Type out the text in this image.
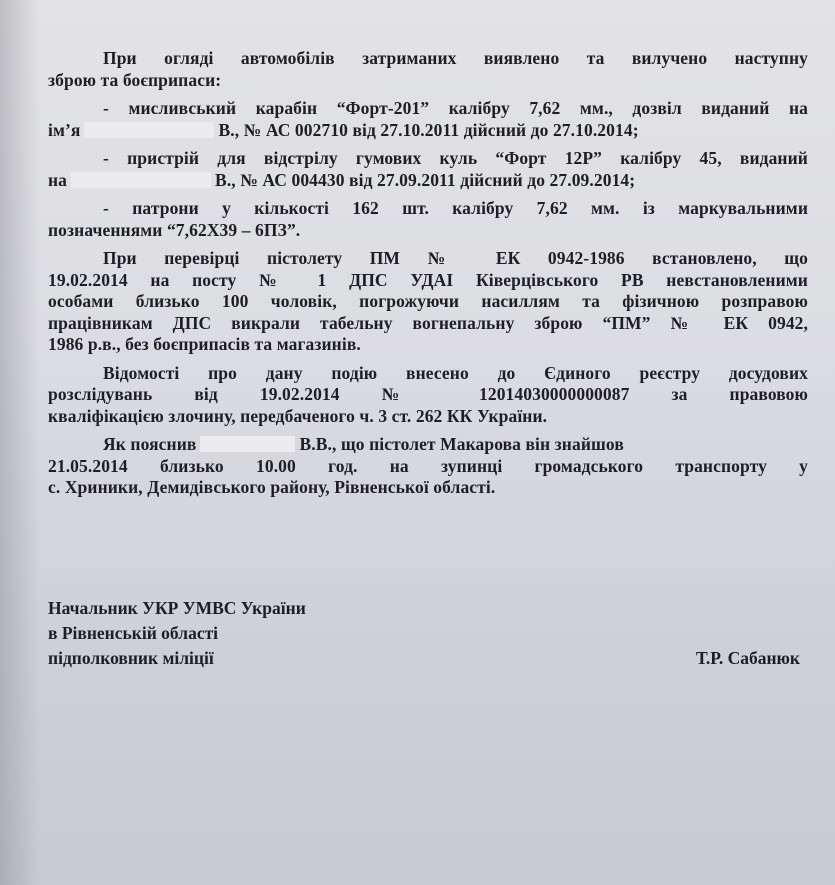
При огляді автомобілів затриманих виявлено та вилучено наступну
зброю та боєприпаси:
- мисливський карабін “Форт-201” калібру 7,62 мм., дозвіл виданий на
ім’я	В., № АС 002710 від 27.10.2011 дійсний до 27.10.2014;
- пристрій для відстрілу гумових куль “Форт 12Р” калібру 45, виданий
на	В., № АС 004430 від 27.09.2011 дійсний до 27.09.2014;
- патрони у кількості 162 шт. калібру 7,62 мм. із маркувальними
позначеннями “7,62Х39 – 6ПЗ”.
При перевірці пістолету ПМ № ЕК 0942-1986 встановлено, що
19.02.2014 на посту № 1 ДПС УДАІ Ківерцівського РВ невстановленими
особами близько 100 чоловік, погрожуючи насиллям та фізичною розправою
працівникам ДПС викрали табельну вогнепальну зброю “ПМ” № ЕК 0942,
1986 р.в., без боєприпасів та магазинів.
Відомості про дану подію внесено до Єдиного реєстру досудових
розслідувань від 19.02.2014 № 12014030000000087 за правовою
кваліфікацією злочину, передбаченого ч. 3 ст. 262 КК України.
Як пояснив	В.В., що пістолет Макарова він знайшов
21.05.2014 близько 10.00 год. на зупинці громадського транспорту у
с. Хриники, Демидівського району, Рівненської області.
Начальник УКР УМВС України
в Рівненській області
підполковник міліції	Т.Р. Сабанюк
